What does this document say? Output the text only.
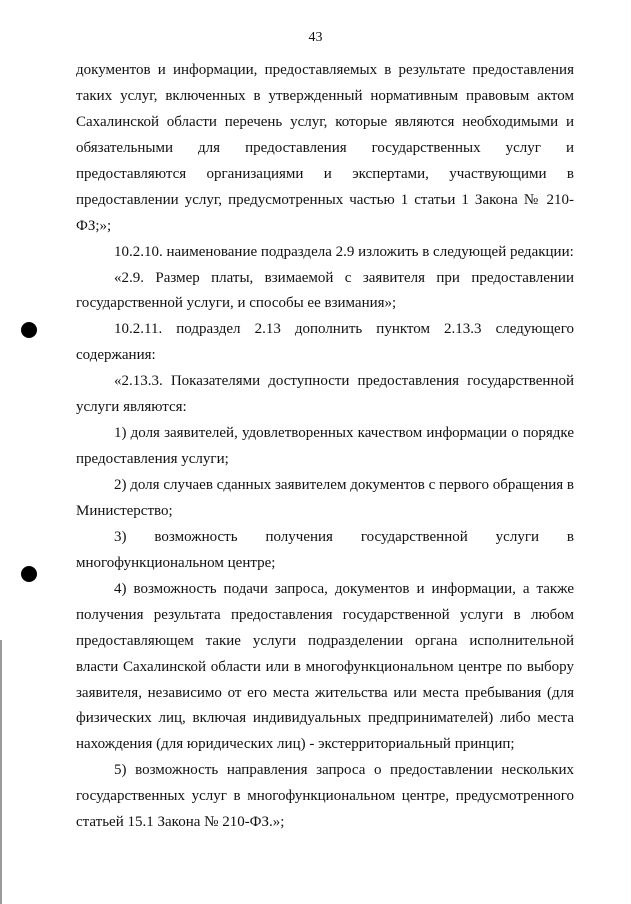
43
документов и информации, предоставляемых в результате предоставления
таких услуг, включенных в утвержденный нормативным правовым актом
Сахалинской области перечень услуг, которые являются необходимыми и
обязательными для предоставления государственных услуг и
предоставляются организациями и экспертами, участвующими в
предоставлении услуг, предусмотренных частью 1 статьи 1 Закона № 210-
ФЗ;»;
10.2.10. наименование подраздела 2.9 изложить в следующей редакции:
«2.9. Размер платы, взимаемой с заявителя при предоставлении
государственной услуги, и способы ее взимания»;
10.2.11. подраздел 2.13 дополнить пунктом 2.13.3 следующего
содержания:
«2.13.3. Показателями доступности предоставления государственной
услуги являются:
1) доля заявителей, удовлетворенных качеством информации о порядке
предоставления услуги;
2) доля случаев сданных заявителем документов с первого обращения в
Министерство;
3) возможность получения государственной услуги в
многофункциональном центре;
4) возможность подачи запроса, документов и информации, а также
получения результата предоставления государственной услуги в любом
предоставляющем такие услуги подразделении органа исполнительной
власти Сахалинской области или в многофункциональном центре по выбору
заявителя, независимо от его места жительства или места пребывания (для
физических лиц, включая индивидуальных предпринимателей) либо места
нахождения (для юридических лиц) - экстерриториальный принцип;
5) возможность направления запроса о предоставлении нескольких
государственных услуг в многофункциональном центре, предусмотренного
статьей 15.1 Закона № 210-ФЗ.»;
